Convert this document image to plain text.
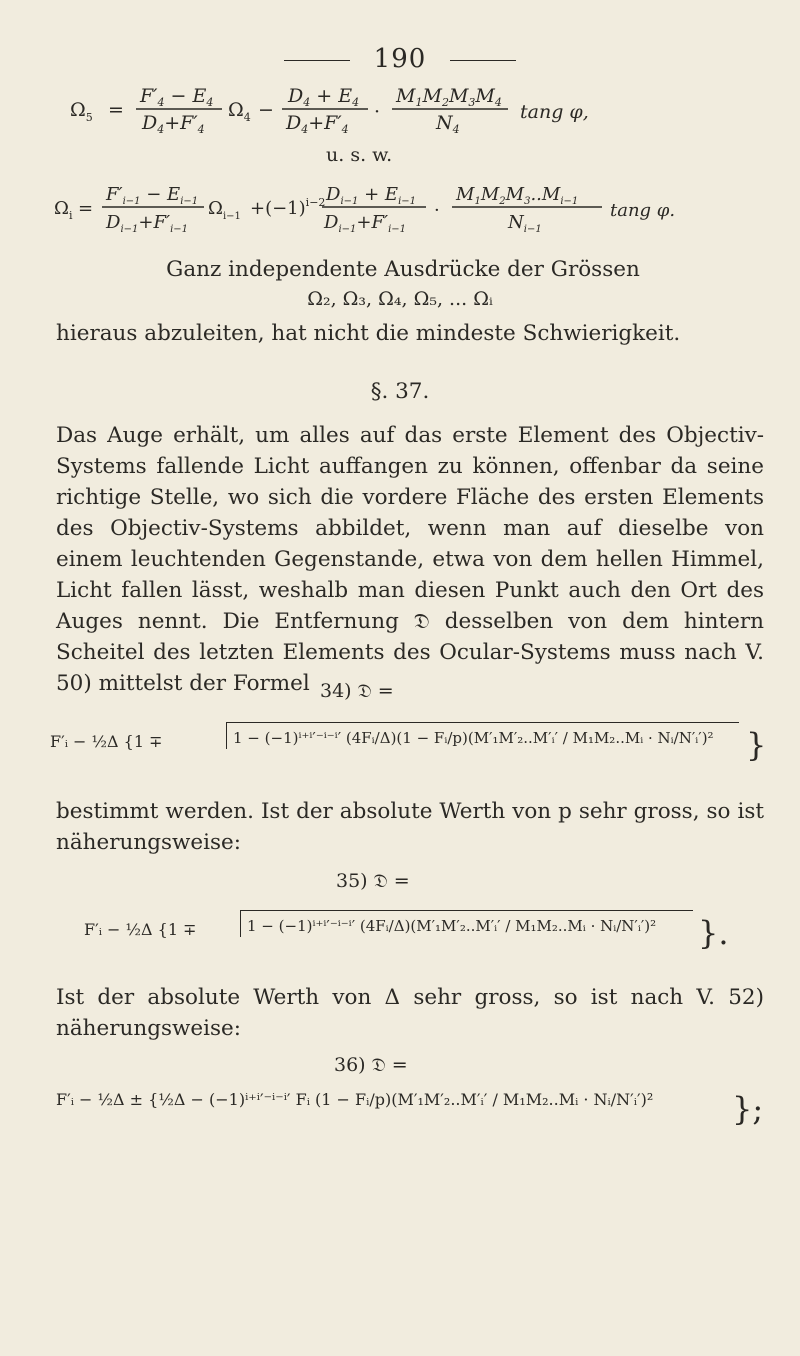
190
$\Omega_5$ =
$F'_4 - E_4$
$D_4+F'_4$
$\Omega_4$ −
$D_4 + E_4$
$D_4+F'_4$
·
$M_1M_2M_3M_4$
$N_4$
tang φ,
u. s. w.
$\Omega_i$ =
$F'_{i-1} - E_{i-1}$
$D_{i-1}+F'_{i-1}$
$\Omega_{i-1} +(-1)^{i-2}$ $D_{i-1} + E_{i-1}$
$D_{i-1}+F'_{i-1}$
·
$M_1M_2M_3..M_{i-1}$
$N_{i-1}$
tang φ.
Ganz independente Ausdrücke der Grössen
Ω₂, Ω₃, Ω₄, Ω₅, ... Ωᵢ
hieraus abzuleiten, hat nicht die mindeste Schwierigkeit.
§. 37.
Das Auge erhält, um alles auf das erste Element des Objectiv-Systems fallende Licht auffangen zu können, offenbar da seine richtige Stelle, wo sich die vordere Fläche des ersten Elements des Objectiv-Systems abbildet, wenn man auf dieselbe von einem leuchtenden Gegenstande, etwa von dem hellen Himmel, Licht fallen lässt, weshalb man diesen Punkt auch den Ort des Auges nennt. Die Entfernung 𝔇 desselben von dem hintern Scheitel des letzten Elements des Ocular-Systems muss nach V. 50) mittelst der Formel 34) 𝔇 =
F′ᵢ − ½Δ {1 ∓	1 − (−1)ⁱ⁺ⁱ′⁻ⁱ⁻ⁱ′ (4Fᵢ/Δ)(1 − Fᵢ/p)(M′₁M′₂..M′ᵢ′ / M₁M₂..Mᵢ · Nᵢ/N′ᵢ′)²	}
bestimmt werden. Ist der absolute Werth von p sehr gross, so ist näherungsweise:
35) 𝔇 =
F′ᵢ − ½Δ {1 ∓	1 − (−1)ⁱ⁺ⁱ′⁻ⁱ⁻ⁱ′ (4Fᵢ/Δ)(M′₁M′₂..M′ᵢ′ / M₁M₂..Mᵢ · Nᵢ/N′ᵢ′)²	}.
Ist der absolute Werth von Δ sehr gross, so ist nach V. 52) näherungsweise:
36) 𝔇 =
F′ᵢ − ½Δ ± {½Δ − (−1)ⁱ⁺ⁱ′⁻ⁱ⁻ⁱ′ Fᵢ (1 − Fᵢ/p)(M′₁M′₂..M′ᵢ′ / M₁M₂..Mᵢ · Nᵢ/N′ᵢ′)²	};
